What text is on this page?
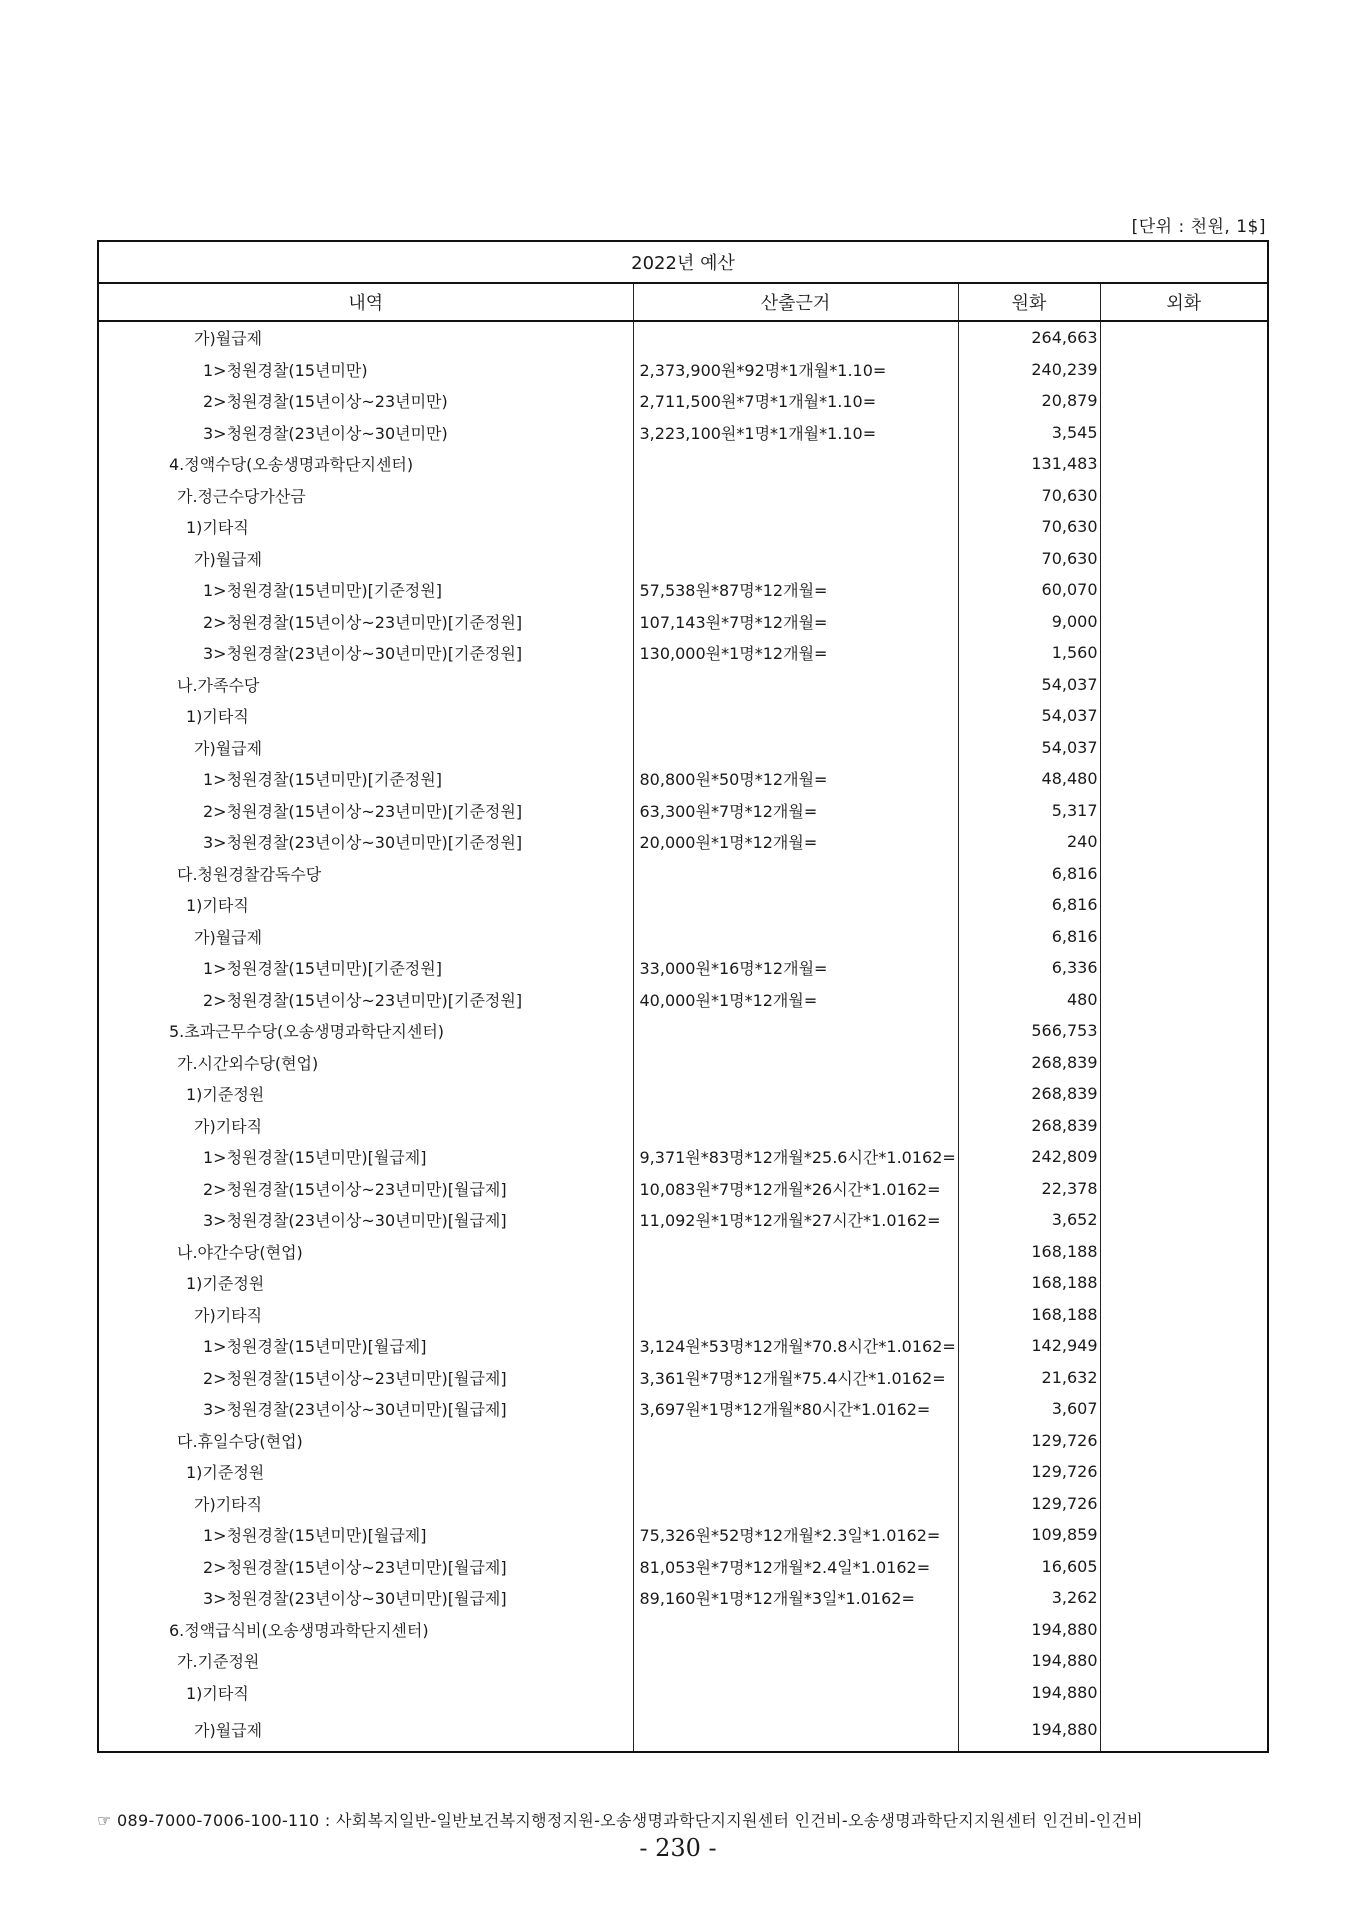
[단위 : 천원, 1$]
2022년 예산			
내역	산출근거	원화	외화
가)월급제		264,663	
1>청원경찰(15년미만)	2,373,900원*92명*1개월*1.10=	240,239	
2>청원경찰(15년이상~23년미만)	2,711,500원*7명*1개월*1.10=	20,879	
3>청원경찰(23년이상~30년미만)	3,223,100원*1명*1개월*1.10=	3,545	
4.정액수당(오송생명과학단지센터)		131,483	
가.정근수당가산금		70,630	
1)기타직		70,630	
가)월급제		70,630	
1>청원경찰(15년미만)[기준정원]	57,538원*87명*12개월=	60,070	
2>청원경찰(15년이상~23년미만)[기준정원]	107,143원*7명*12개월=	9,000	
3>청원경찰(23년이상~30년미만)[기준정원]	130,000원*1명*12개월=	1,560	
나.가족수당		54,037	
1)기타직		54,037	
가)월급제		54,037	
1>청원경찰(15년미만)[기준정원]	80,800원*50명*12개월=	48,480	
2>청원경찰(15년이상~23년미만)[기준정원]	63,300원*7명*12개월=	5,317	
3>청원경찰(23년이상~30년미만)[기준정원]	20,000원*1명*12개월=	240	
다.청원경찰감독수당		6,816	
1)기타직		6,816	
가)월급제		6,816	
1>청원경찰(15년미만)[기준정원]	33,000원*16명*12개월=	6,336	
2>청원경찰(15년이상~23년미만)[기준정원]	40,000원*1명*12개월=	480	
5.초과근무수당(오송생명과학단지센터)		566,753	
가.시간외수당(현업)		268,839	
1)기준정원		268,839	
가)기타직		268,839	
1>청원경찰(15년미만)[월급제]	9,371원*83명*12개월*25.6시간*1.0162=	242,809	
2>청원경찰(15년이상~23년미만)[월급제]	10,083원*7명*12개월*26시간*1.0162=	22,378	
3>청원경찰(23년이상~30년미만)[월급제]	11,092원*1명*12개월*27시간*1.0162=	3,652	
나.야간수당(현업)		168,188	
1)기준정원		168,188	
가)기타직		168,188	
1>청원경찰(15년미만)[월급제]	3,124원*53명*12개월*70.8시간*1.0162=	142,949	
2>청원경찰(15년이상~23년미만)[월급제]	3,361원*7명*12개월*75.4시간*1.0162=	21,632	
3>청원경찰(23년이상~30년미만)[월급제]	3,697원*1명*12개월*80시간*1.0162=	3,607	
다.휴일수당(현업)		129,726	
1)기준정원		129,726	
가)기타직		129,726	
1>청원경찰(15년미만)[월급제]	75,326원*52명*12개월*2.3일*1.0162=	109,859	
2>청원경찰(15년이상~23년미만)[월급제]	81,053원*7명*12개월*2.4일*1.0162=	16,605	
3>청원경찰(23년이상~30년미만)[월급제]	89,160원*1명*12개월*3일*1.0162=	3,262	
6.정액급식비(오송생명과학단지센터)		194,880	
가.기준정원		194,880	
1)기타직		194,880	
가)월급제		194,880	
☞ 089-7000-7006-100-110 : 사회복지일반-일반보건복지행정지원-오송생명과학단지지원센터 인건비-오송생명과학단지지원센터 인건비-인건비
- 230 -
